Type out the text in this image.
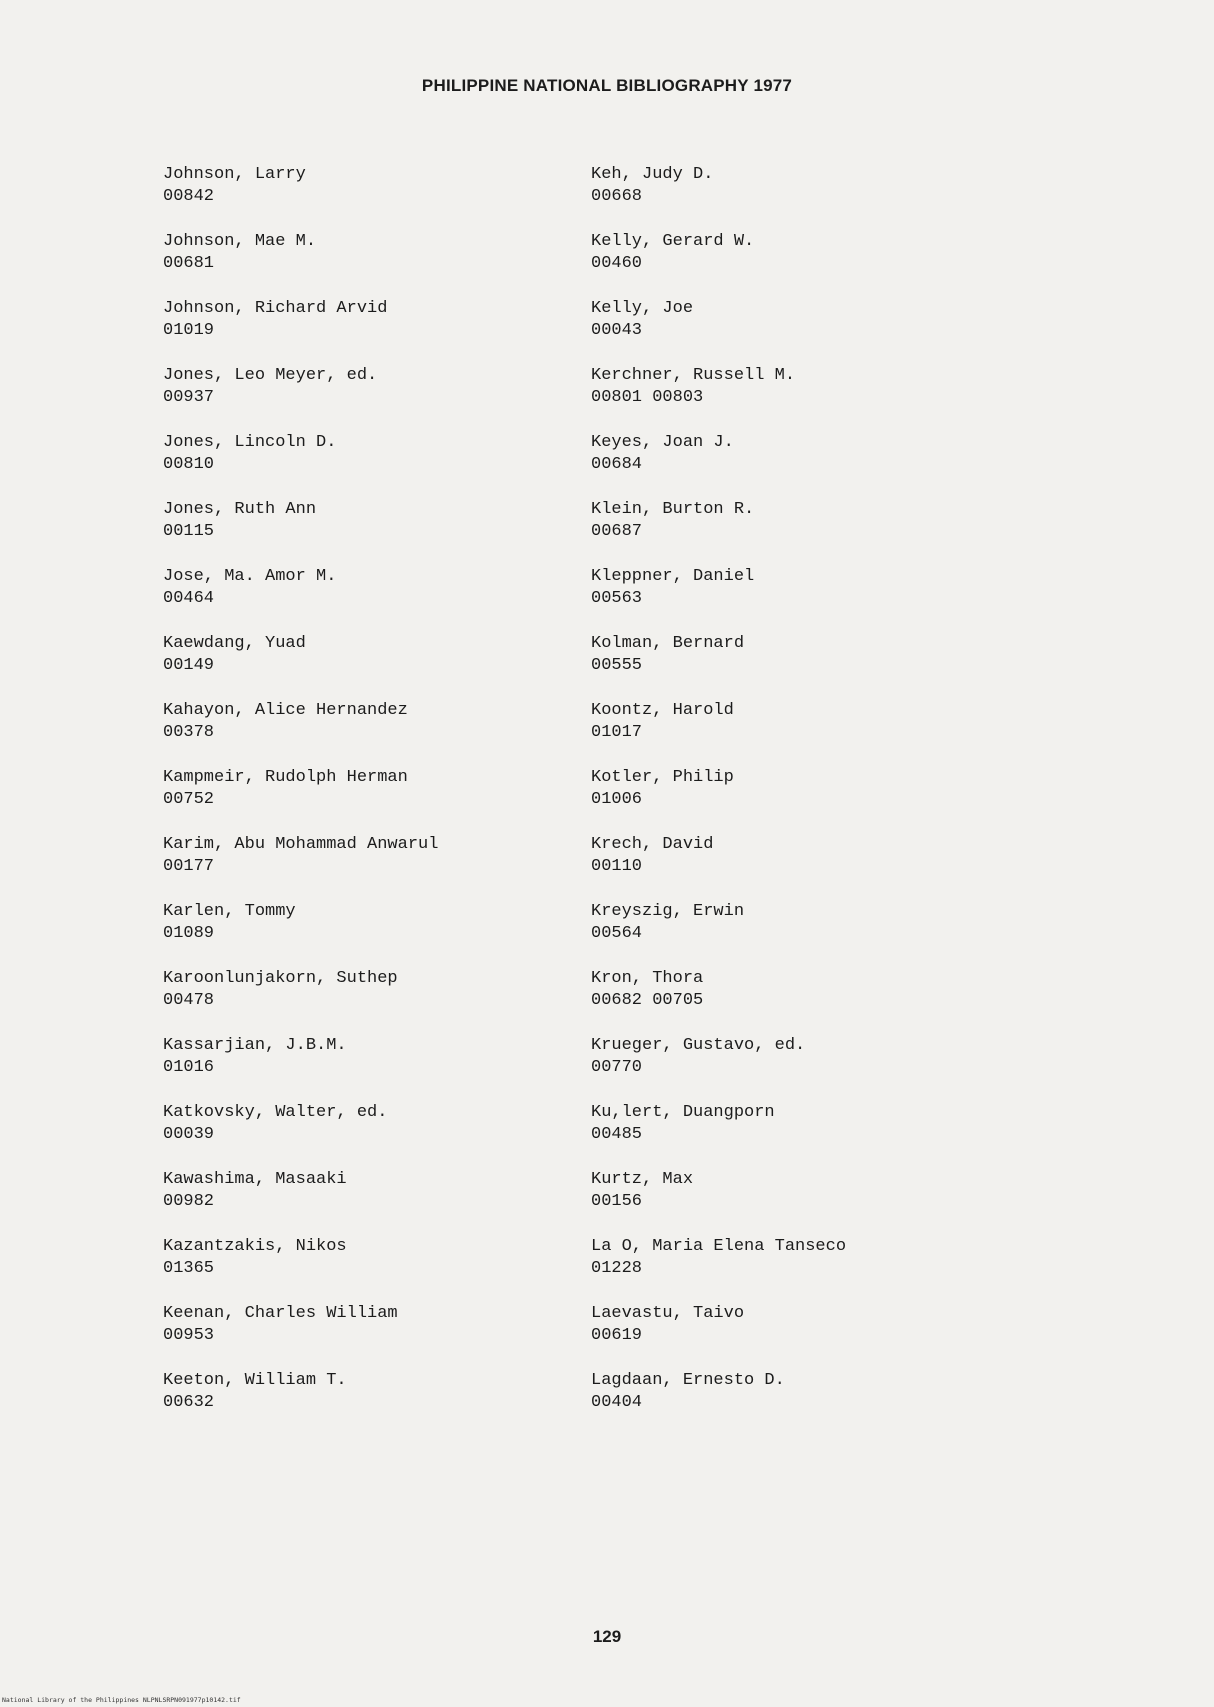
PHILIPPINE NATIONAL BIBLIOGRAPHY 1977
Johnson, Larry
00842
Johnson, Mae M.
00681
Johnson, Richard Arvid
01019
Jones, Leo Meyer, ed.
00937
Jones, Lincoln D.
00810
Jones, Ruth Ann
00115
Jose, Ma. Amor M.
00464
Kaewdang, Yuad
00149
Kahayon, Alice Hernandez
00378
Kampmeir, Rudolph Herman
00752
Karim, Abu Mohammad Anwarul
00177
Karlen, Tommy
01089
Karoonlunjakorn, Suthep
00478
Kassarjian, J.B.M.
01016
Katkovsky, Walter, ed.
00039
Kawashima, Masaaki
00982
Kazantzakis, Nikos
01365
Keenan, Charles William
00953
Keeton, William T.
00632
Keh, Judy D.
00668
Kelly, Gerard W.
00460
Kelly, Joe
00043
Kerchner, Russell M.
00801 00803
Keyes, Joan J.
00684
Klein, Burton R.
00687
Kleppner, Daniel
00563
Kolman, Bernard
00555
Koontz, Harold
01017
Kotler, Philip
01006
Krech, David
00110
Kreyszig, Erwin
00564
Kron, Thora
00682 00705
Krueger, Gustavo, ed.
00770
Ku,lert, Duangporn
00485
Kurtz, Max
00156
La O, Maria Elena Tanseco
01228
Laevastu, Taivo
00619
Lagdaan, Ernesto D.
00404
129
National Library of the Philippines NLPNLSRPN091977p10142.tif
